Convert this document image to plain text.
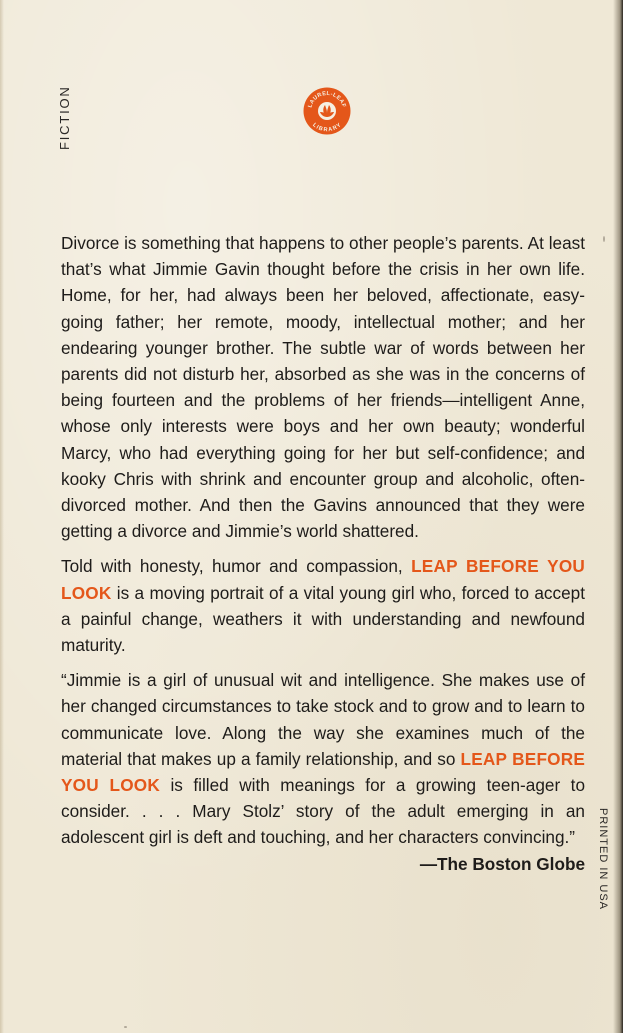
FICTION	LAUREL-LEAF
LIBRARY

Divorce is something that happens to other people’s parents. At least that’s what Jimmie Gavin thought before the crisis in her own life. Home, for her, had always been her beloved, affectionate, easy-going father; her remote, moody, intellectual mother; and her endearing younger brother. The subtle war of words between her parents did not disturb her, absorbed as she was in the concerns of being fourteen and the problems of her friends—intelligent Anne, whose only interests were boys and her own beauty; wonderful Marcy, who had everything going for her but self-confidence; and kooky Chris with shrink and encounter group and alcoholic, often-divorced mother. And then the Gavins announced that they were getting a divorce and Jimmie’s world shattered.

Told with honesty, humor and compassion, LEAP BEFORE YOU LOOK is a moving portrait of a vital young girl who, forced to accept a painful change, weathers it with understanding and newfound maturity.

“Jimmie is a girl of unusual wit and intelligence. She makes use of her changed circumstances to take stock and to grow and to learn to communicate love. Along the way she examines much of the material that makes up a family relationship, and so LEAP BEFORE YOU LOOK is filled with meanings for a growing teen-ager to consider. . . . Mary Stolz’ story of the adult emerging in an adolescent girl is deft and touching, and her characters convincing.”
—The Boston Globe PRINTED IN USA
